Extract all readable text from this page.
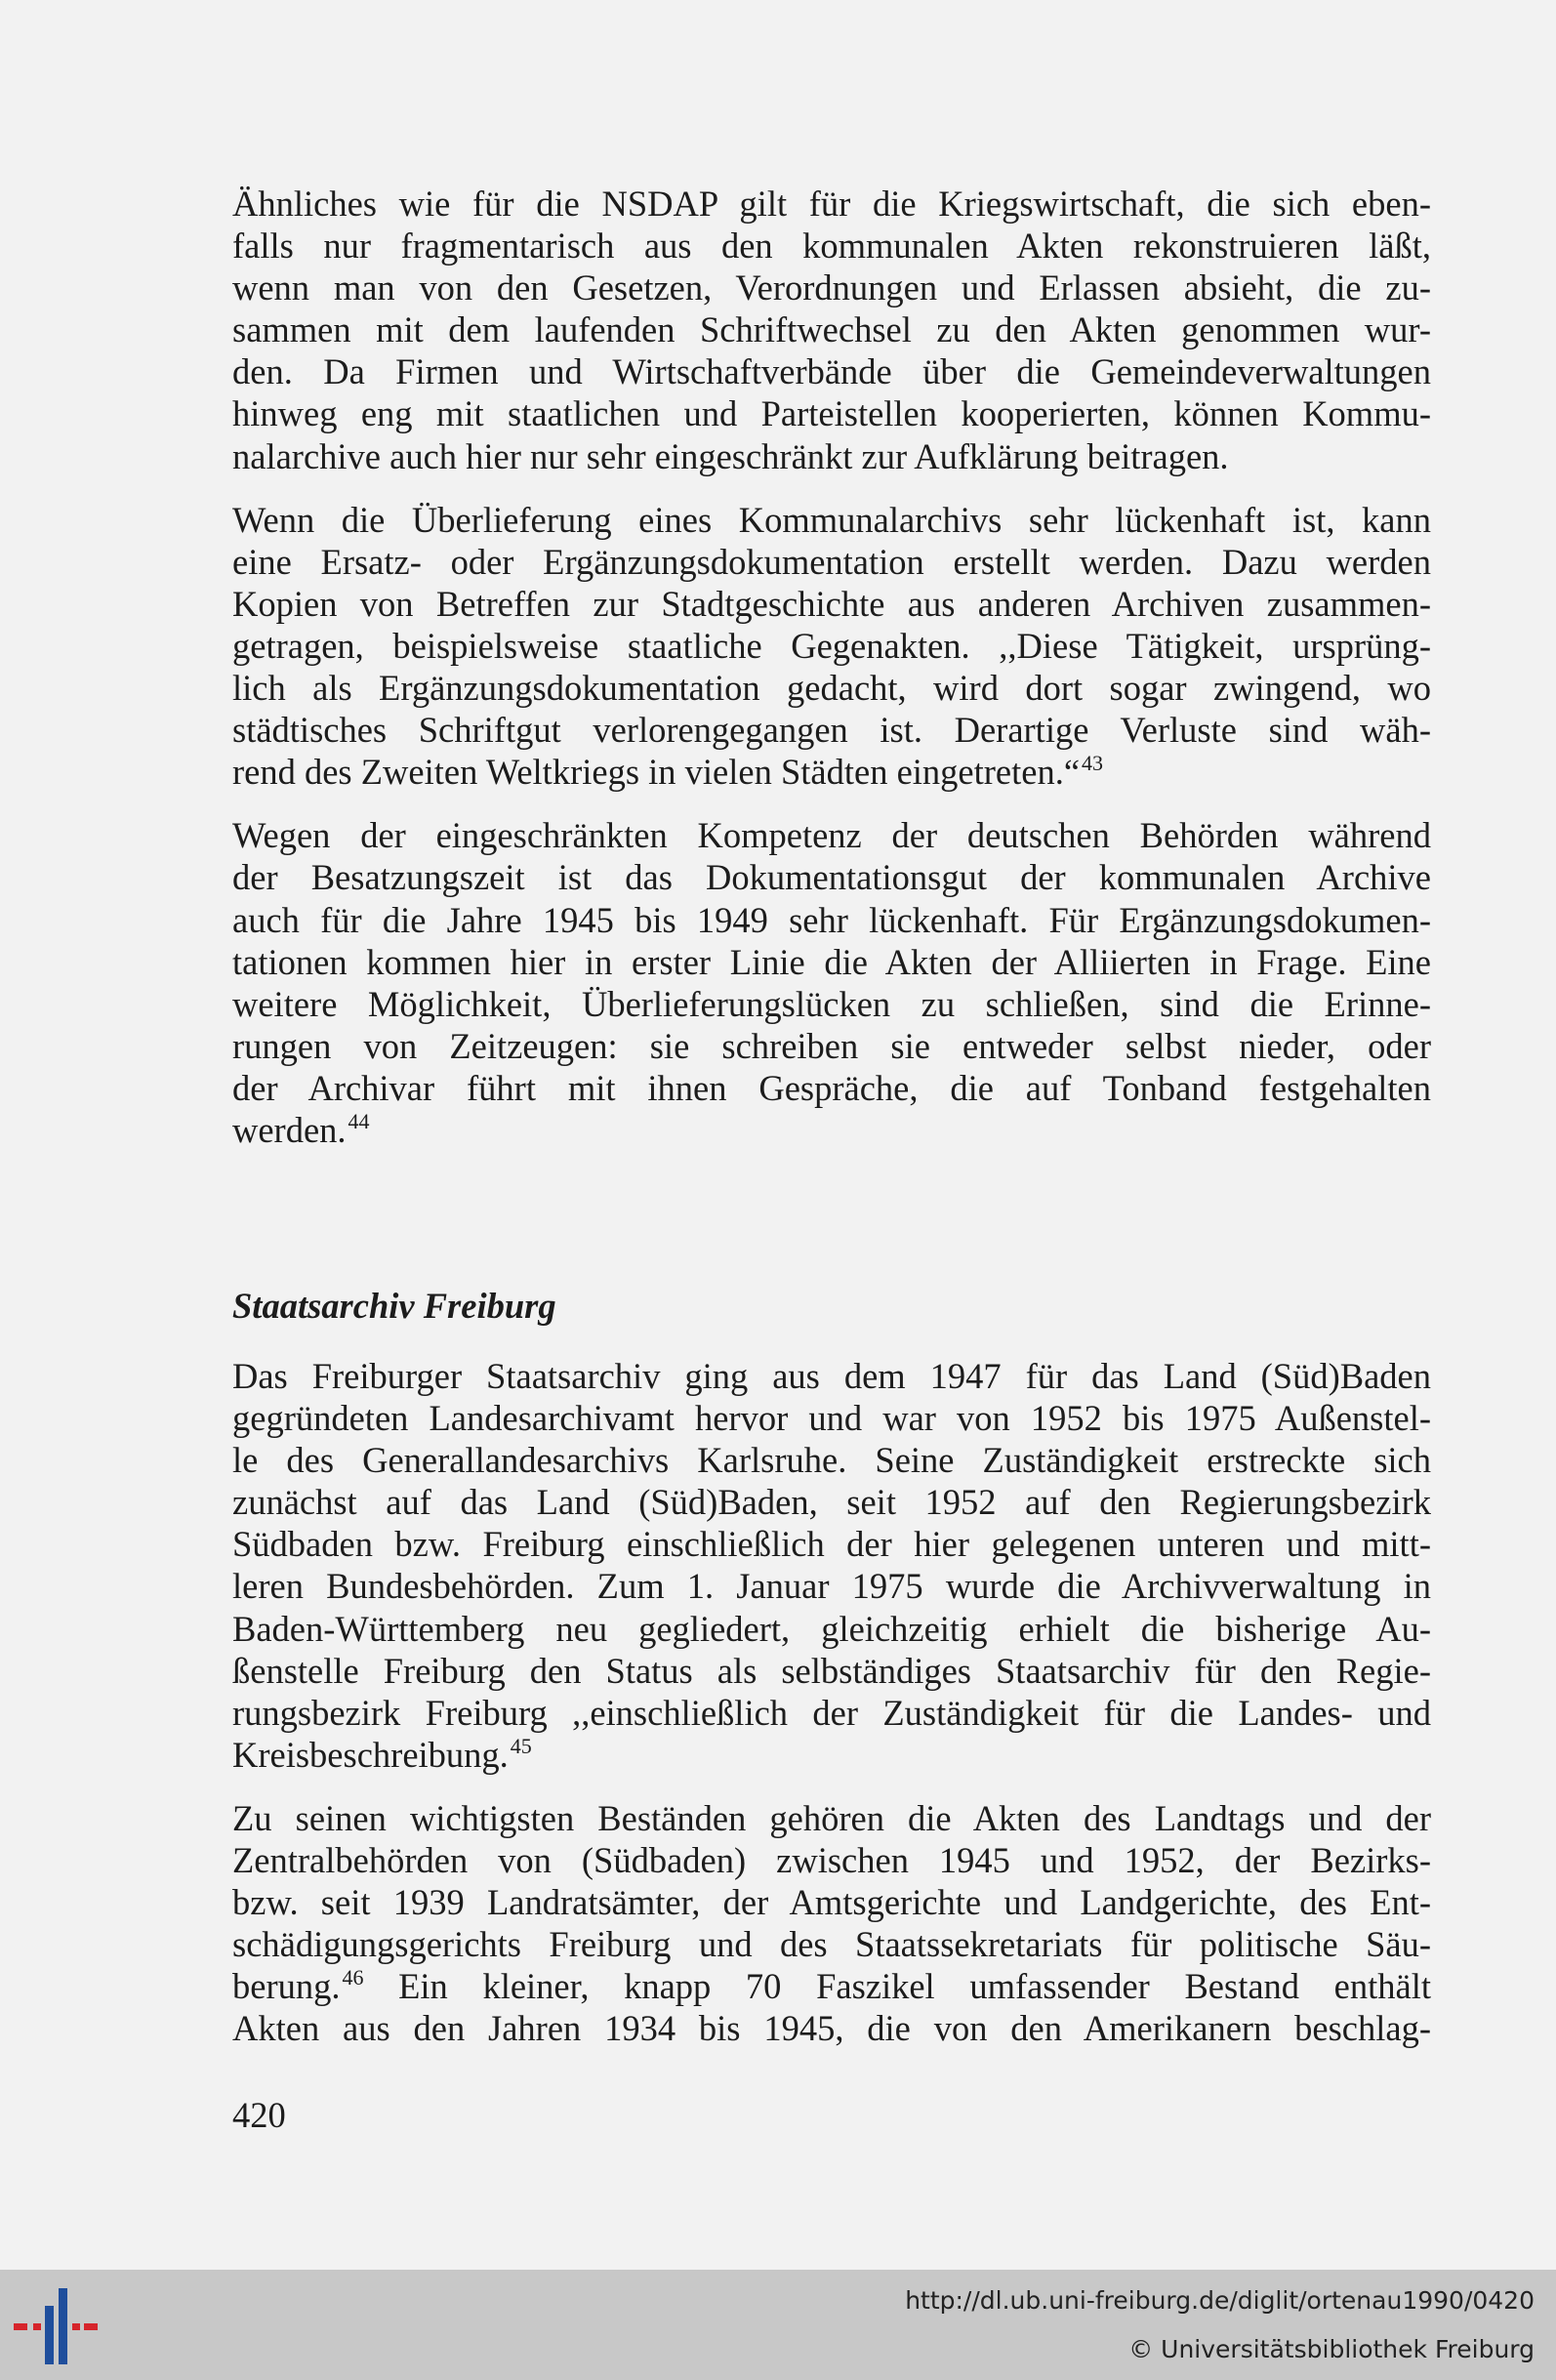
Ähnliches wie für die NSDAP gilt für die Kriegswirtschaft, die sich eben-
falls nur fragmentarisch aus den kommunalen Akten rekonstruieren läßt,
wenn man von den Gesetzen, Verordnungen und Erlassen absieht, die zu-
sammen mit dem laufenden Schriftwechsel zu den Akten genommen wur-
den. Da Firmen und Wirtschaftverbände über die Gemeindeverwaltungen
hinweg eng mit staatlichen und Parteistellen kooperierten, können Kommu-
nalarchive auch hier nur sehr eingeschränkt zur Aufklärung beitragen.

Wenn die Überlieferung eines Kommunalarchivs sehr lückenhaft ist, kann
eine Ersatz- oder Ergänzungsdokumentation erstellt werden. Dazu werden
Kopien von Betreffen zur Stadtgeschichte aus anderen Archiven zusammen-
getragen, beispielsweise staatliche Gegenakten. ,,Diese Tätigkeit, ursprüng-
lich als Ergänzungsdokumentation gedacht, wird dort sogar zwingend, wo
städtisches Schriftgut verlorengegangen ist. Derartige Verluste sind wäh-
rend des Zweiten Weltkriegs in vielen Städten eingetreten.“$^{43}$

Wegen der eingeschränkten Kompetenz der deutschen Behörden während
der Besatzungszeit ist das Dokumentationsgut der kommunalen Archive
auch für die Jahre 1945 bis 1949 sehr lückenhaft. Für Ergänzungsdokumen-
tationen kommen hier in erster Linie die Akten der Alliierten in Frage. Eine
weitere Möglichkeit, Überlieferungslücken zu schließen, sind die Erinne-
rungen von Zeitzeugen: sie schreiben sie entweder selbst nieder, oder
der Archivar führt mit ihnen Gespräche, die auf Tonband festgehalten
werden.$^{44}$

Staatsarchiv Freiburg

Das Freiburger Staatsarchiv ging aus dem 1947 für das Land (Süd)Baden
gegründeten Landesarchivamt hervor und war von 1952 bis 1975 Außenstel-
le des Generallandesarchivs Karlsruhe. Seine Zuständigkeit erstreckte sich
zunächst auf das Land (Süd)Baden, seit 1952 auf den Regierungsbezirk
Südbaden bzw. Freiburg einschließlich der hier gelegenen unteren und mitt-
leren Bundesbehörden. Zum 1. Januar 1975 wurde die Archivverwaltung in
Baden-Württemberg neu gegliedert, gleichzeitig erhielt die bisherige Au-
ßenstelle Freiburg den Status als selbständiges Staatsarchiv für den Regie-
rungsbezirk Freiburg ,,einschließlich der Zuständigkeit für die Landes- und
Kreisbeschreibung.$^{45}$

Zu seinen wichtigsten Beständen gehören die Akten des Landtags und der
Zentralbehörden von (Südbaden) zwischen 1945 und 1952, der Bezirks-
bzw. seit 1939 Landratsämter, der Amtsgerichte und Landgerichte, des Ent-
schädigungsgerichts Freiburg und des Staatssekretariats für politische Säu-
berung.$^{46}$ Ein kleiner, knapp 70 Faszikel umfassender Bestand enthält
Akten aus den Jahren 1934 bis 1945, die von den Amerikanern beschlag-

420
http://dl.ub.uni-freiburg.de/diglit/ortenau1990/0420
© Universitätsbibliothek Freiburg
